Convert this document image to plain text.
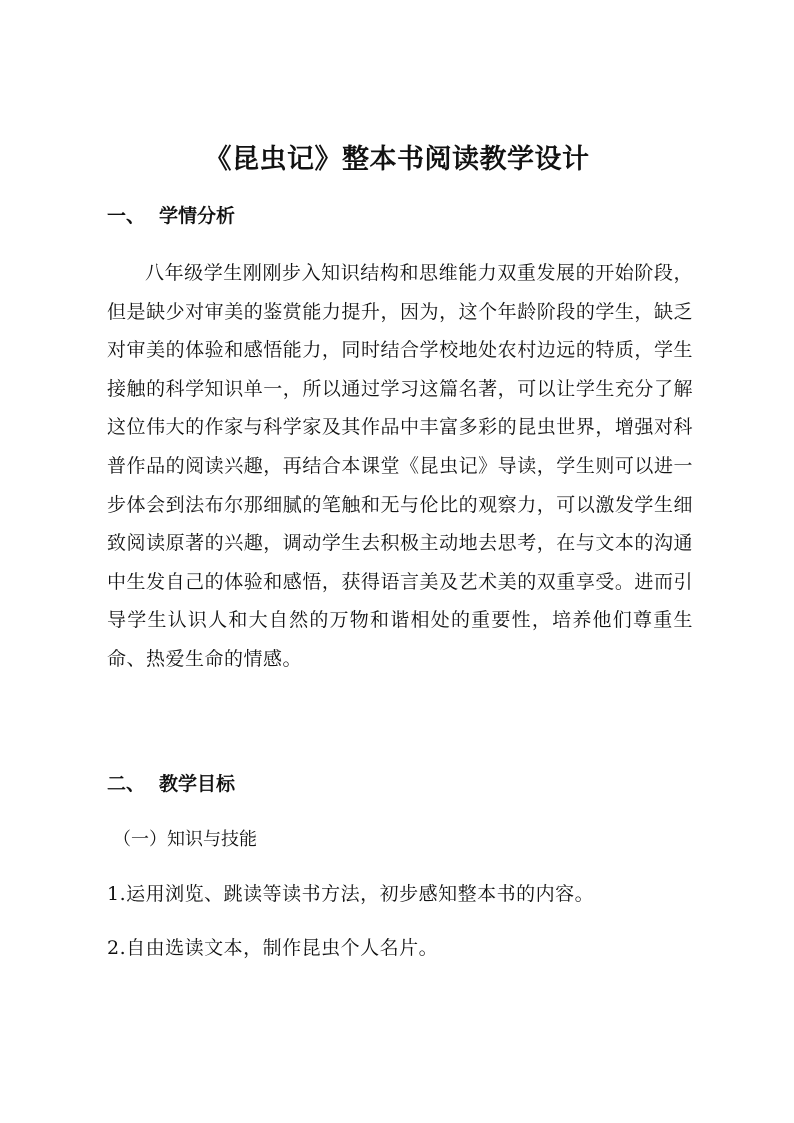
《昆虫记》整本书阅读教学设计
一、 学情分析
八年级学生刚刚步入知识结构和思维能力双重发展的开始阶段，但是缺少对审美的鉴赏能力提升，因为，这个年龄阶段的学生，缺乏对审美的体验和感悟能力，同时结合学校地处农村边远的特质，学生接触的科学知识单一，所以通过学习这篇名著，可以让学生充分了解这位伟大的作家与科学家及其作品中丰富多彩的昆虫世界，增强对科普作品的阅读兴趣，再结合本课堂《昆虫记》导读，学生则可以进一步体会到法布尔那细腻的笔触和无与伦比的观察力，可以激发学生细致阅读原著的兴趣，调动学生去积极主动地去思考，在与文本的沟通中生发自己的体验和感悟，获得语言美及艺术美的双重享受。进而引导学生认识人和大自然的万物和谐相处的重要性，培养他们尊重生命、热爱生命的情感。
二、 教学目标
（一）知识与技能
1.运用浏览、跳读等读书方法，初步感知整本书的内容。
2.自由选读文本，制作昆虫个人名片。
